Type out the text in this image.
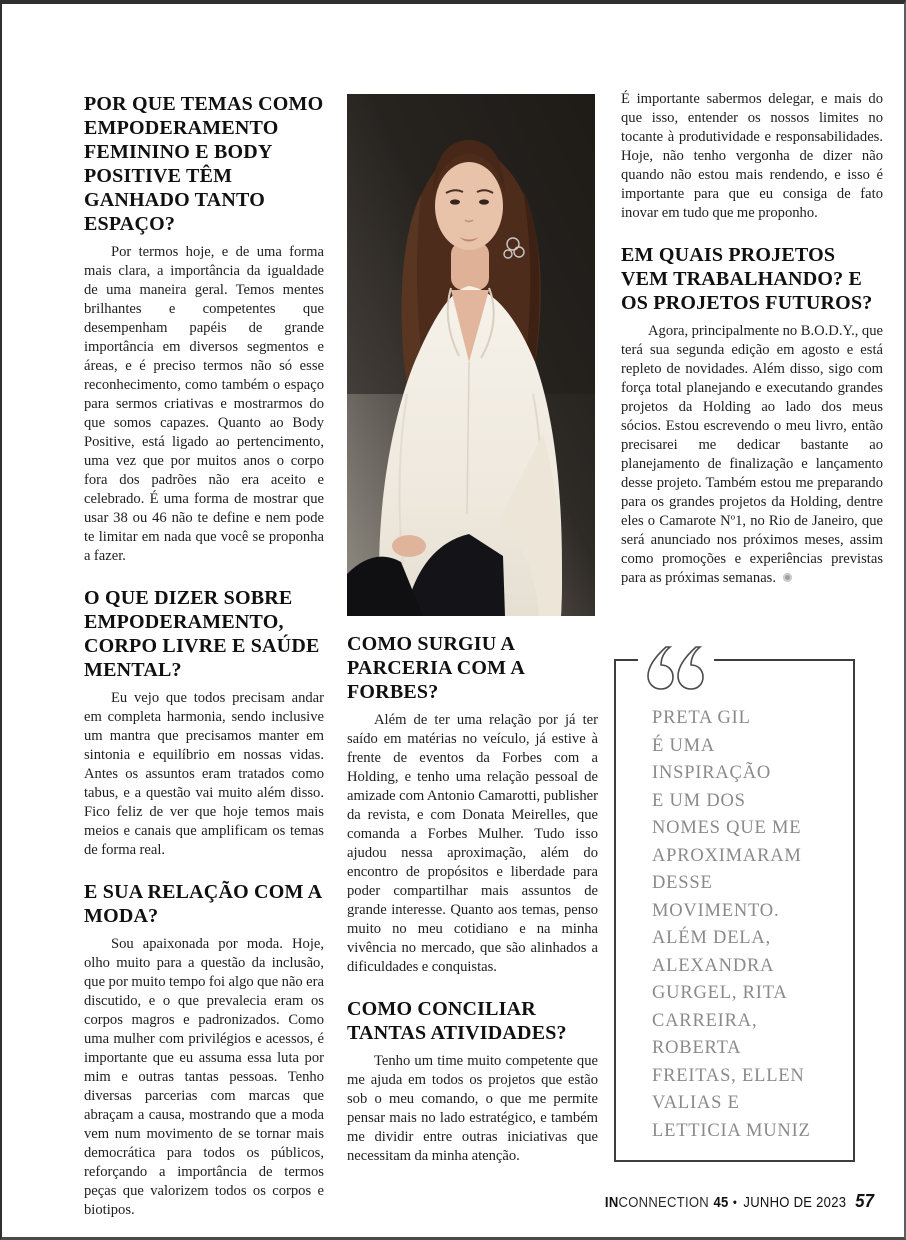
POR QUE TEMAS COMO EMPODERAMENTO FEMININO E BODY POSITIVE TÊM GANHADO TANTO ESPAÇO?

Por termos hoje, e de uma forma mais clara, a importância da igualdade de uma maneira geral. Temos mentes brilhantes e competentes que desempenham papéis de grande importância em diversos segmentos e áreas, e é preciso termos não só esse reconhecimento, como também o espaço para sermos criativas e mostrarmos do que somos capazes. Quanto ao Body Positive, está ligado ao pertencimento, uma vez que por muitos anos o corpo fora dos padrões não era aceito e celebrado. É uma forma de mostrar que usar 38 ou 46 não te define e nem pode te limitar em nada que você se proponha a fazer.

O QUE DIZER SOBRE EMPODERAMENTO, CORPO LIVRE E SAÚDE MENTAL?

Eu vejo que todos precisam andar em completa harmonia, sendo inclusive um mantra que precisamos manter em sintonia e equilíbrio em nossas vidas. Antes os assuntos eram tratados como tabus, e a questão vai muito além disso. Fico feliz de ver que hoje temos mais meios e canais que amplificam os temas de forma real.

E SUA RELAÇÃO COM A MODA?

Sou apaixonada por moda. Hoje, olho muito para a questão da inclusão, que por muito tempo foi algo que não era discutido, e o que prevalecia eram os corpos magros e padronizados. Como uma mulher com privilégios e acessos, é importante que eu assuma essa luta por mim e outras tantas pessoas. Tenho diversas parcerias com marcas que abraçam a causa, mostrando que a moda vem num movimento de se tornar mais democrática para todos os públicos, reforçando a importância de termos peças que valorizem todos os corpos e biotipos.

COMO SURGIU A PARCERIA COM A FORBES?

Além de ter uma relação por já ter saído em matérias no veículo, já estive à frente de eventos da Forbes com a Holding, e tenho uma relação pessoal de amizade com Antonio Camarotti, publisher da revista, e com Donata Meirelles, que comanda a Forbes Mulher. Tudo isso ajudou nessa aproximação, além do encontro de propósitos e liberdade para poder compartilhar mais assuntos de grande interesse. Quanto aos temas, penso muito no meu cotidiano e na minha vivência no mercado, que são alinhados a dificuldades e conquistas.

COMO CONCILIAR TANTAS ATIVIDADES?

Tenho um time muito competente que me ajuda em todos os projetos que estão sob o meu comando, o que me permite pensar mais no lado estratégico, e também me dividir entre outras iniciativas que necessitam da minha atenção.

É importante sabermos delegar, e mais do que isso, entender os nossos limites no tocante à produtividade e responsabilidades. Hoje, não tenho vergonha de dizer não quando não estou mais rendendo, e isso é importante para que eu consiga de fato inovar em tudo que me proponho.

EM QUAIS PROJETOS VEM TRABALHANDO? E OS PROJETOS FUTUROS?

Agora, principalmente no B.O.D.Y., que terá sua segunda edição em agosto e está repleto de novidades. Além disso, sigo com força total planejando e executando grandes projetos da Holding ao lado dos meus sócios. Estou escrevendo o meu livro, então precisarei me dedicar bastante ao planejamento de finalização e lançamento desse projeto. Também estou me preparando para os grandes projetos da Holding, dentre eles o Camarote Nº1, no Rio de Janeiro, que será anunciado nos próximos meses, assim como promoções e experiências previstas para as próximas semanas.

PRETA GIL
É UMA
INSPIRAÇÃO
E UM DOS
NOMES QUE ME
APROXIMARAM
DESSE
MOVIMENTO.
ALÉM DELA,
ALEXANDRA
GURGEL, RITA
CARREIRA,
ROBERTA
FREITAS, ELLEN
VALIAS E
LETTICIA MUNIZ
INCONNECTION 45 • JUNHO DE 2023 57
